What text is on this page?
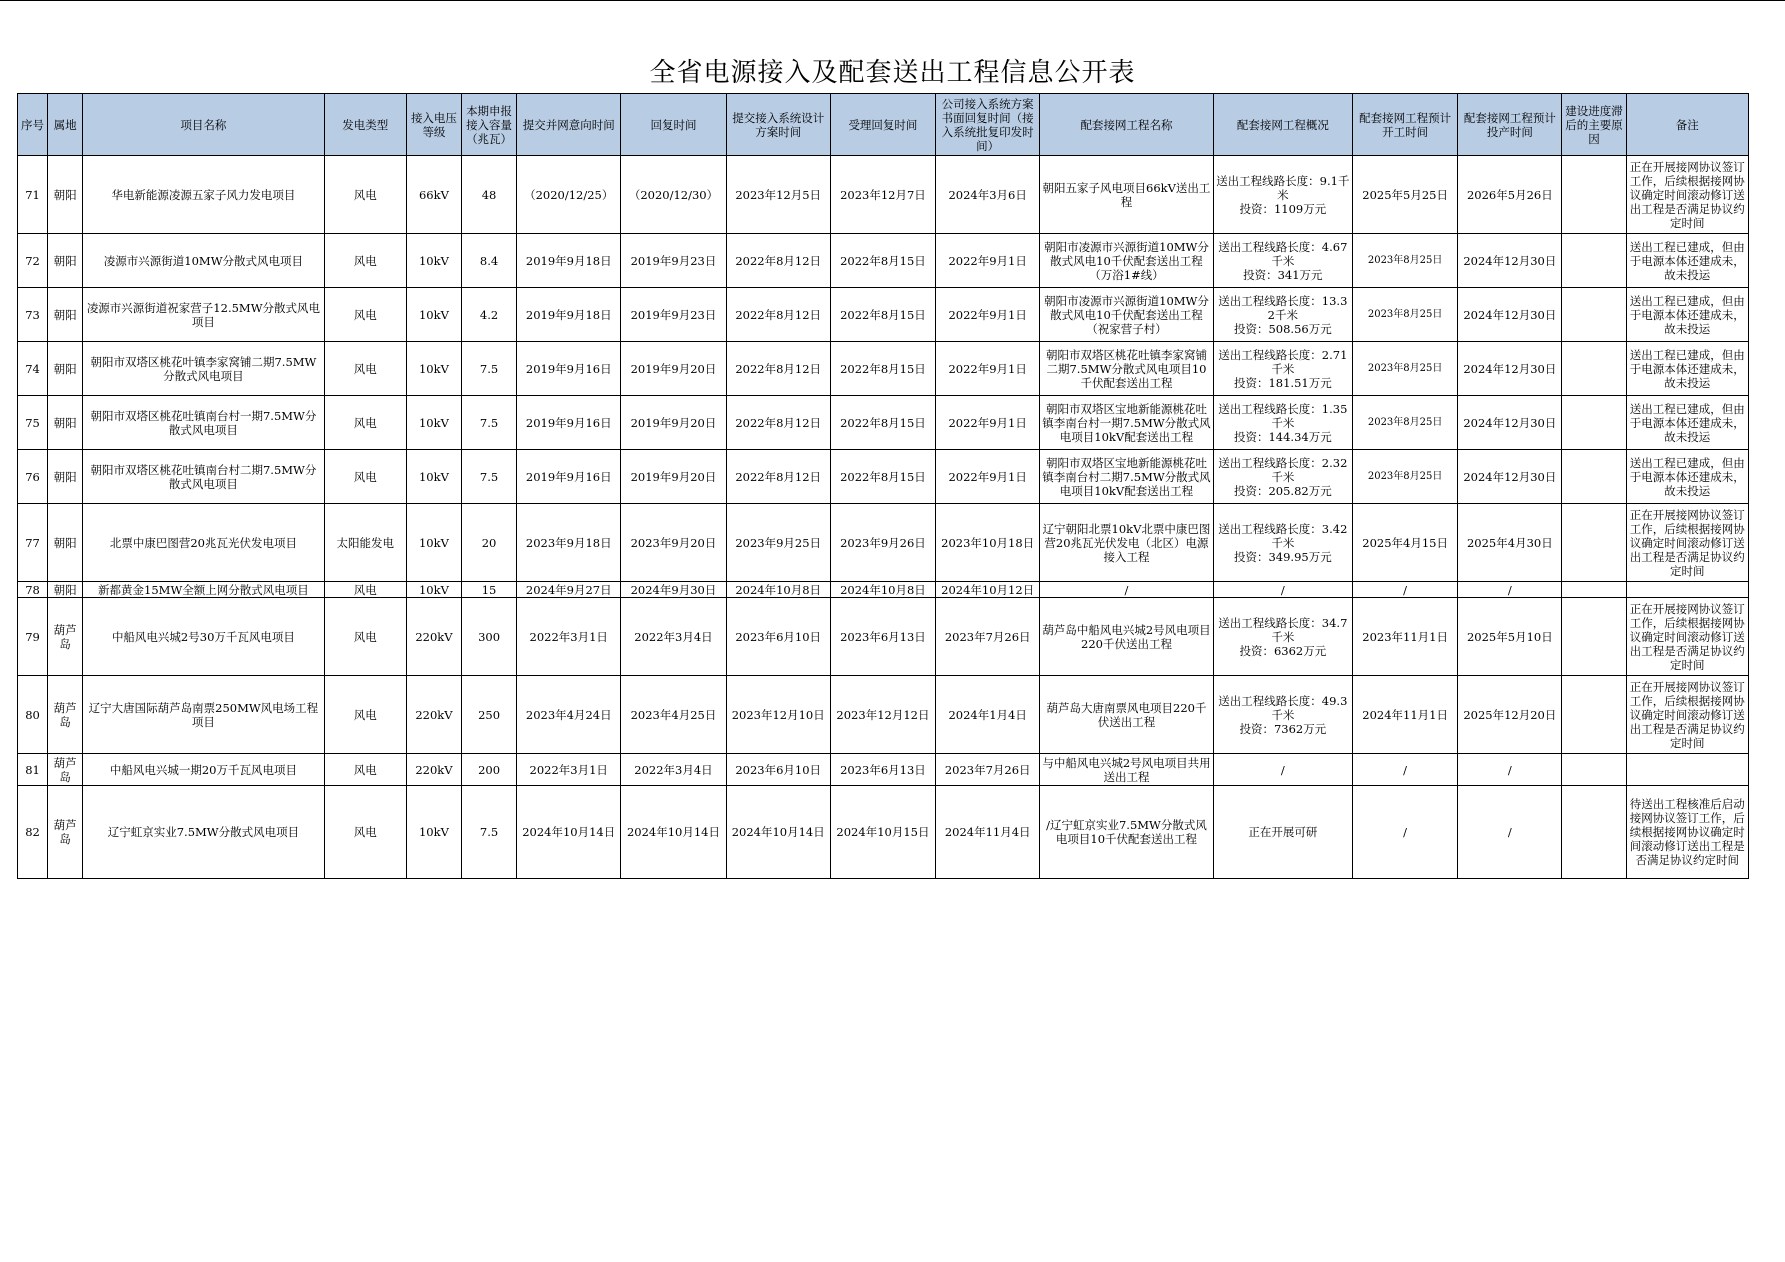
全省电源接入及配套送出工程信息公开表
序号	属地	项目名称	发电类型	接入电压等级	本期申报接入容量（兆瓦）	提交并网意向时间	回复时间	提交接入系统设计方案时间	受理回复时间	公司接入系统方案书面回复时间（接入系统批复印发时间）	配套接网工程名称	配套接网工程概况	配套接网工程预计开工时间	配套接网工程预计投产时间	建设进度滞后的主要原因	备注
71	朝阳	华电新能源凌源五家子风力发电项目	风电	66kV	48	（2020/12/25）	（2020/12/30）	2023年12月5日	2023年12月7日	2024年3月6日	朝阳五家子风电项目66kV送出工程	送出工程线路长度：9.1千米
投资：1109万元	2025年5月25日	2026年5月26日		正在开展接网协议签订工作，后续根据接网协议确定时间滚动修订送出工程是否满足协议约定时间
72	朝阳	凌源市兴源街道10MW分散式风电项目	风电	10kV	8.4	2019年9月18日	2019年9月23日	2022年8月12日	2022年8月15日	2022年9月1日	朝阳市凌源市兴源街道10MW分散式风电10千伏配套送出工程（万浴1#线）	送出工程线路长度：4.67千米
投资：341万元	2023年8月25日	2024年12月30日		送出工程已建成，但由于电源本体还建成未，故未投运
73	朝阳	凌源市兴源街道祝家营子12.5MW分散式风电项目	风电	10kV	4.2	2019年9月18日	2019年9月23日	2022年8月12日	2022年8月15日	2022年9月1日	朝阳市凌源市兴源街道10MW分散式风电10千伏配套送出工程（祝家营子村）	送出工程线路长度：13.32千米
投资：508.56万元	2023年8月25日	2024年12月30日		送出工程已建成，但由于电源本体还建成未，故未投运
74	朝阳	朝阳市双塔区桃花叶镇李家窝铺二期7.5MW分散式风电项目	风电	10kV	7.5	2019年9月16日	2019年9月20日	2022年8月12日	2022年8月15日	2022年9月1日	朝阳市双塔区桃花吐镇李家窝铺二期7.5MW分散式风电项目10千伏配套送出工程	送出工程线路长度：2.71千米
投资：181.51万元	2023年8月25日	2024年12月30日		送出工程已建成，但由于电源本体还建成未，故未投运
75	朝阳	朝阳市双塔区桃花吐镇南台村一期7.5MW分散式风电项目	风电	10kV	7.5	2019年9月16日	2019年9月20日	2022年8月12日	2022年8月15日	2022年9月1日	朝阳市双塔区宝地新能源桃花吐镇李南台村一期7.5MW分散式风电项目10kV配套送出工程	送出工程线路长度：1.35千米
投资：144.34万元	2023年8月25日	2024年12月30日		送出工程已建成，但由于电源本体还建成未，故未投运
76	朝阳	朝阳市双塔区桃花吐镇南台村二期7.5MW分散式风电项目	风电	10kV	7.5	2019年9月16日	2019年9月20日	2022年8月12日	2022年8月15日	2022年9月1日	朝阳市双塔区宝地新能源桃花吐镇李南台村二期7.5MW分散式风电项目10kV配套送出工程	送出工程线路长度：2.32千米
投资：205.82万元	2023年8月25日	2024年12月30日		送出工程已建成，但由于电源本体还建成未，故未投运
77	朝阳	北票中康巴图营20兆瓦光伏发电项目	太阳能发电	10kV	20	2023年9月18日	2023年9月20日	2023年9月25日	2023年9月26日	2023年10月18日	辽宁朝阳北票10kV北票中康巴图营20兆瓦光伏发电（北区）电源接入工程	送出工程线路长度：3.42千米
投资：349.95万元	2025年4月15日	2025年4月30日		正在开展接网协议签订工作，后续根据接网协议确定时间滚动修订送出工程是否满足协议约定时间
78	朝阳	新都黄金15MW全额上网分散式风电项目	风电	10kV	15	2024年9月27日	2024年9月30日	2024年10月8日	2024年10月8日	2024年10月12日	/	/	/	/		
79	葫芦岛	中船风电兴城2号30万千瓦风电项目	风电	220kV	300	2022年3月1日	2022年3月4日	2023年6月10日	2023年6月13日	2023年7月26日	葫芦岛中船风电兴城2号风电项目220千伏送出工程	送出工程线路长度：34.7千米
投资：6362万元	2023年11月1日	2025年5月10日		正在开展接网协议签订工作，后续根据接网协议确定时间滚动修订送出工程是否满足协议约定时间
80	葫芦岛	辽宁大唐国际葫芦岛南票250MW风电场工程项目	风电	220kV	250	2023年4月24日	2023年4月25日	2023年12月10日	2023年12月12日	2024年1月4日	葫芦岛大唐南票风电项目220千伏送出工程	送出工程线路长度：49.3千米
投资：7362万元	2024年11月1日	2025年12月20日		正在开展接网协议签订工作，后续根据接网协议确定时间滚动修订送出工程是否满足协议约定时间
81	葫芦岛	中船风电兴城一期20万千瓦风电项目	风电	220kV	200	2022年3月1日	2022年3月4日	2023年6月10日	2023年6月13日	2023年7月26日	与中船风电兴城2号风电项目共用送出工程	/	/	/		
82	葫芦岛	辽宁虹京实业7.5MW分散式风电项目	风电	10kV	7.5	2024年10月14日	2024年10月14日	2024年10月14日	2024年10月15日	2024年11月4日	/辽宁虹京实业7.5MW分散式风电项目10千伏配套送出工程	正在开展可研	/	/		待送出工程核准后启动接网协议签订工作，后续根据接网协议确定时间滚动修订送出工程是否满足协议约定时间
